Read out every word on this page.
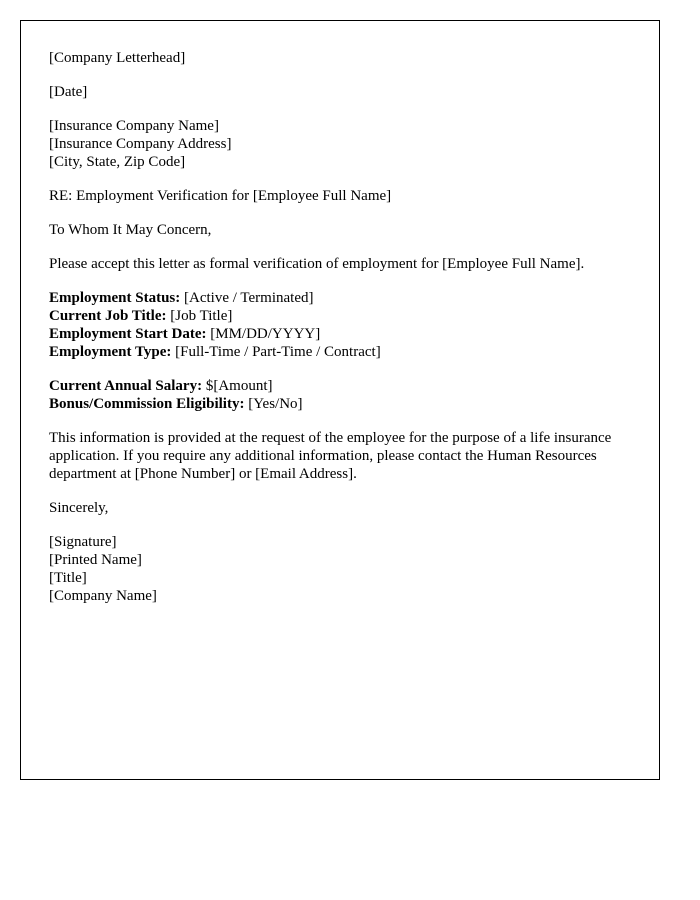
[Company Letterhead]
[Date]
[Insurance Company Name]
[Insurance Company Address]
[City, State, Zip Code]
RE: Employment Verification for [Employee Full Name]
To Whom It May Concern,

Please accept this letter as formal verification of employment for [Employee Full Name].

Employment Status: [Active / Terminated]
Current Job Title: [Job Title]
Employment Start Date: [MM/DD/YYYY]
Employment Type: [Full-Time / Part-Time / Contract]
Current Annual Salary: $[Amount]
Bonus/Commission Eligibility: [Yes/No]

This information is provided at the request of the employee for the purpose of a life insurance application. If you require any additional information, please contact the Human Resources department at [Phone Number] or [Email Address].

Sincerely,
[Signature]
[Printed Name]
[Title]
[Company Name]
